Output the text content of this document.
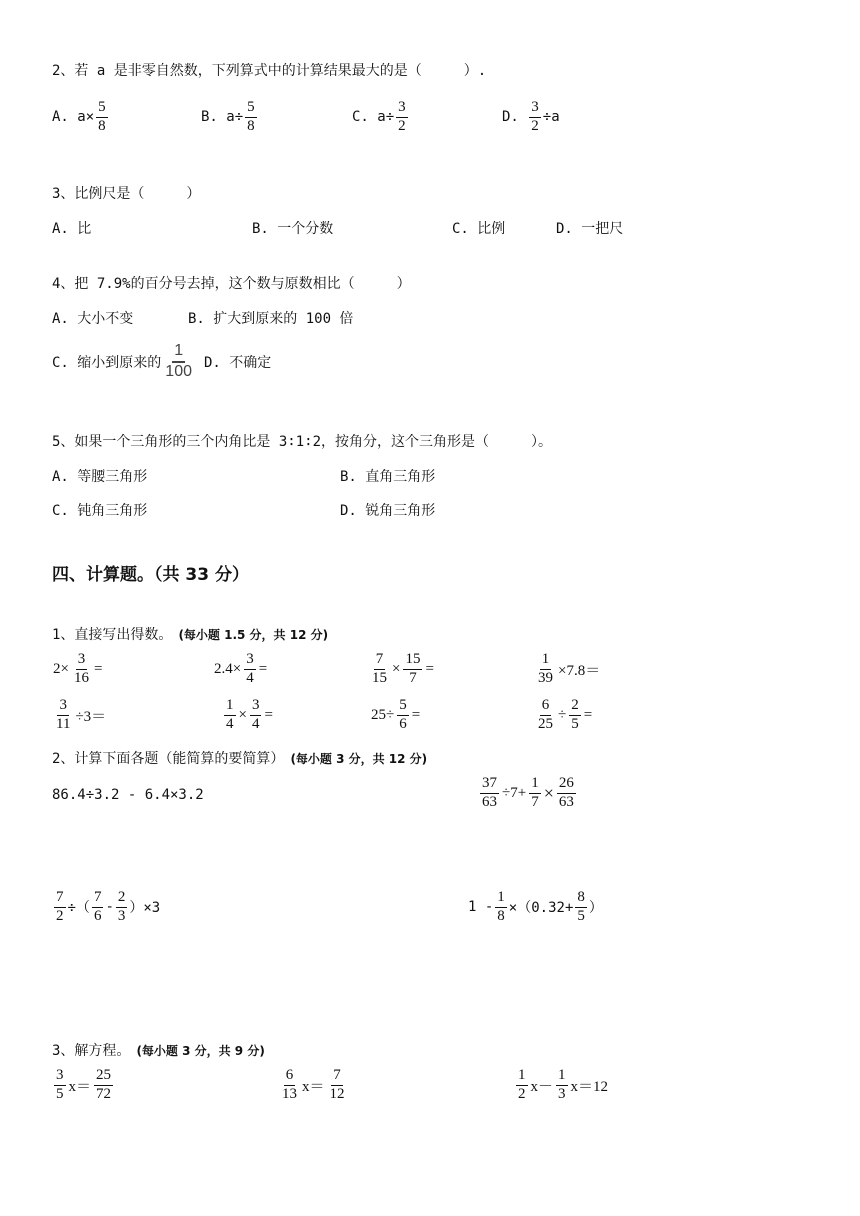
2、若 a 是非零自然数，下列算式中的计算结果最大的是（　　　）.
A.
$a\times \frac{5}{8}$	B.
$a\div \frac{5}{8}$	C.
$a\div \frac{3}{2}$	D.
$\frac{3}{2} \div a$
3、比例尺是（　　　）
A. 比	B. 一个分数	C. 比例	D. 一把尺
4、把 7.9%的百分号去掉，这个数与原数相比（　　　）
A. 大小不变	B. 扩大到原来的 100 倍
C. 缩小到原来的 $\frac{1}{100} D$. 不确定
5、如果一个三角形的三个内角比是 3∶1∶2，按角分，这个三角形是（　　　）。
A. 等腰三角形	B. 直角三角形
C. 钝角三角形	D. 锐角三角形
四、计算题。（共 33 分）
1、直接写出得数。 (每小题 1.5 分，共 12 分)
$2\times \frac{3}{16}$ =	$2.4\times \frac{3}{4}$ =	$\frac{7}{15} \times \frac{15}{7}$ =	$\frac{1}{39} \times 7.8=$
$\frac{3}{11} \div 3=$	$\frac{1}{4} \times \frac{3}{4}$ =	$25\div \frac{5}{6}$ =	$\frac{6}{25} \div \frac{2}{5}$ =
2、计算下面各题（能简算的要简算） (每小题 3 分，共 12 分)
86.4÷3.2 - 6.4×3.2	$\frac{37}{63} \div 7+ \frac{1}{7} \times \frac{26}{63}$
$\frac{7}{2}$ ÷（ $\frac{7}{6} - \frac{2}{3} )\times 3$	$1 - \frac{1}{8} \times(0.32+ \frac{8}{5}$ ）
3、解方程。 (每小题 3 分，共 9 分)
$\frac{3}{5} x= \frac{25}{72}$	$\frac{6}{13} x= \frac{7}{12}$	$\frac{1}{2} x- \frac{1}{3} x=12$
